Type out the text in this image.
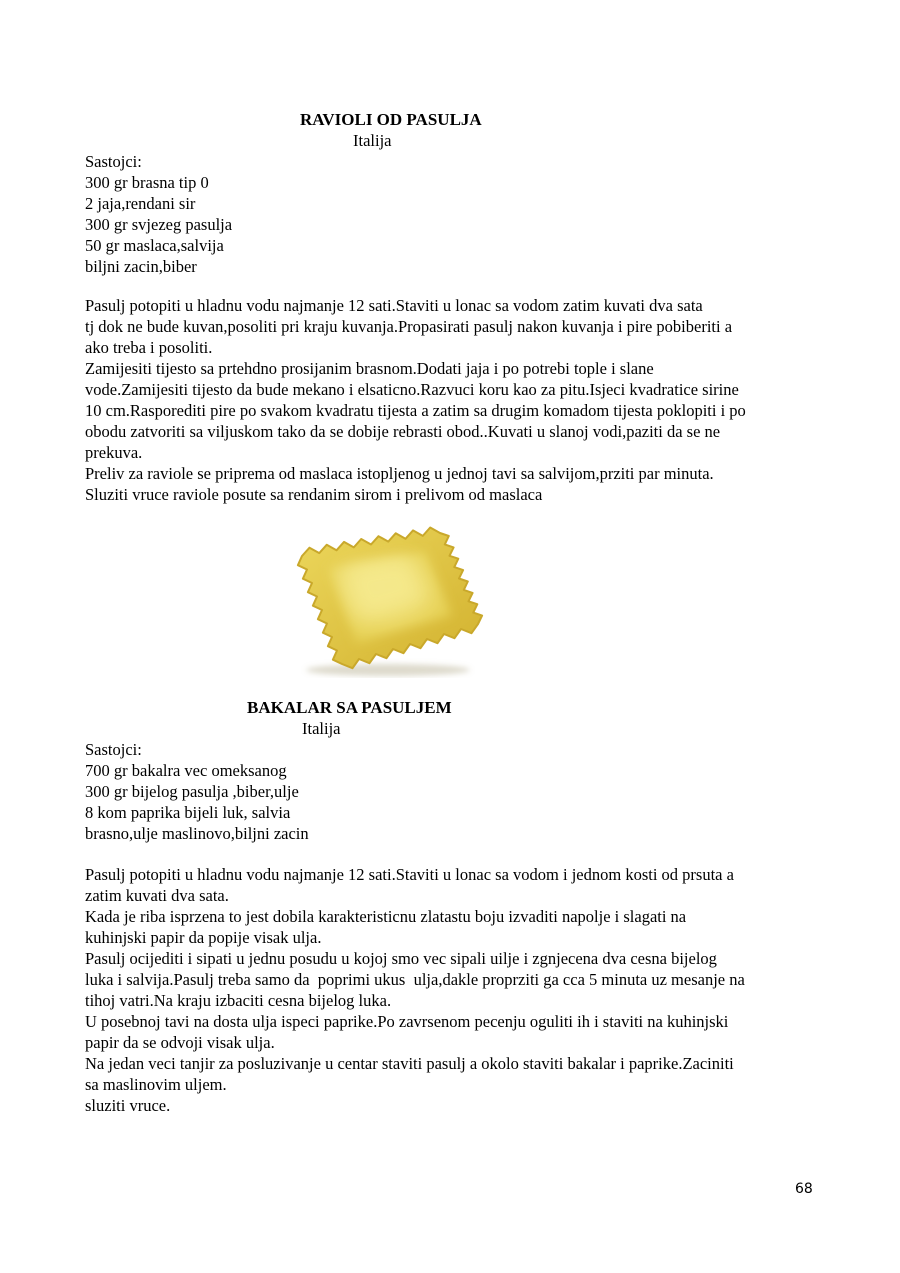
RAVIOLI OD PASULJA
Italija
Sastojci:
300 gr brasna tip 0
2 jaja,rendani sir
300 gr svjezeg pasulja
50 gr maslaca,salvija
biljni zacin,biber
Pasulj potopiti u hladnu vodu najmanje 12 sati.Staviti u lonac sa vodom zatim kuvati dva sata
tj dok ne bude kuvan,posoliti pri kraju kuvanja.Propasirati pasulj nakon kuvanja i pire pobiberiti a
ako treba i posoliti.
Zamijesiti tijesto sa prtehdno prosijanim brasnom.Dodati jaja i po potrebi tople i slane
vode.Zamijesiti tijesto da bude mekano i elsaticno.Razvuci koru kao za pitu.Isjeci kvadratice sirine
10 cm.Rasporediti pire po svakom kvadratu tijesta a zatim sa drugim komadom tijesta poklopiti i po
obodu zatvoriti sa viljuskom tako da se dobije rebrasti obod..Kuvati u slanoj vodi,paziti da se ne
prekuva.
Preliv za raviole se priprema od maslaca istopljenog u jednoj tavi sa salvijom,prziti par minuta.
Sluziti vruce raviole posute sa rendanim sirom i prelivom od maslaca
BAKALAR SA PASULJEM
Italija
Sastojci:
700 gr bakalra vec omeksanog
300 gr bijelog pasulja ,biber,ulje
8 kom paprika bijeli luk, salvia
brasno,ulje maslinovo,biljni zacin
Pasulj potopiti u hladnu vodu najmanje 12 sati.Staviti u lonac sa vodom i jednom kosti od prsuta a
zatim kuvati dva sata.
Kada je riba isprzena to jest dobila karakteristicnu zlatastu boju izvaditi napolje i slagati na
kuhinjski papir da popije visak ulja.
Pasulj ocijediti i sipati u jednu posudu u kojoj smo vec sipali uilje i zgnjecena dva cesna bijelog
luka i salvija.Pasulj treba samo da  poprimi ukus  ulja,dakle proprziti ga cca 5 minuta uz mesanje na
tihoj vatri.Na kraju izbaciti cesna bijelog luka.
U posebnoj tavi na dosta ulja ispeci paprike.Po zavrsenom pecenju oguliti ih i staviti na kuhinjski
papir da se odvoji visak ulja.
Na jedan veci tanjir za posluzivanje u centar staviti pasulj a okolo staviti bakalar i paprike.Zaciniti
sa maslinovim uljem.
sluziti vruce.
68
